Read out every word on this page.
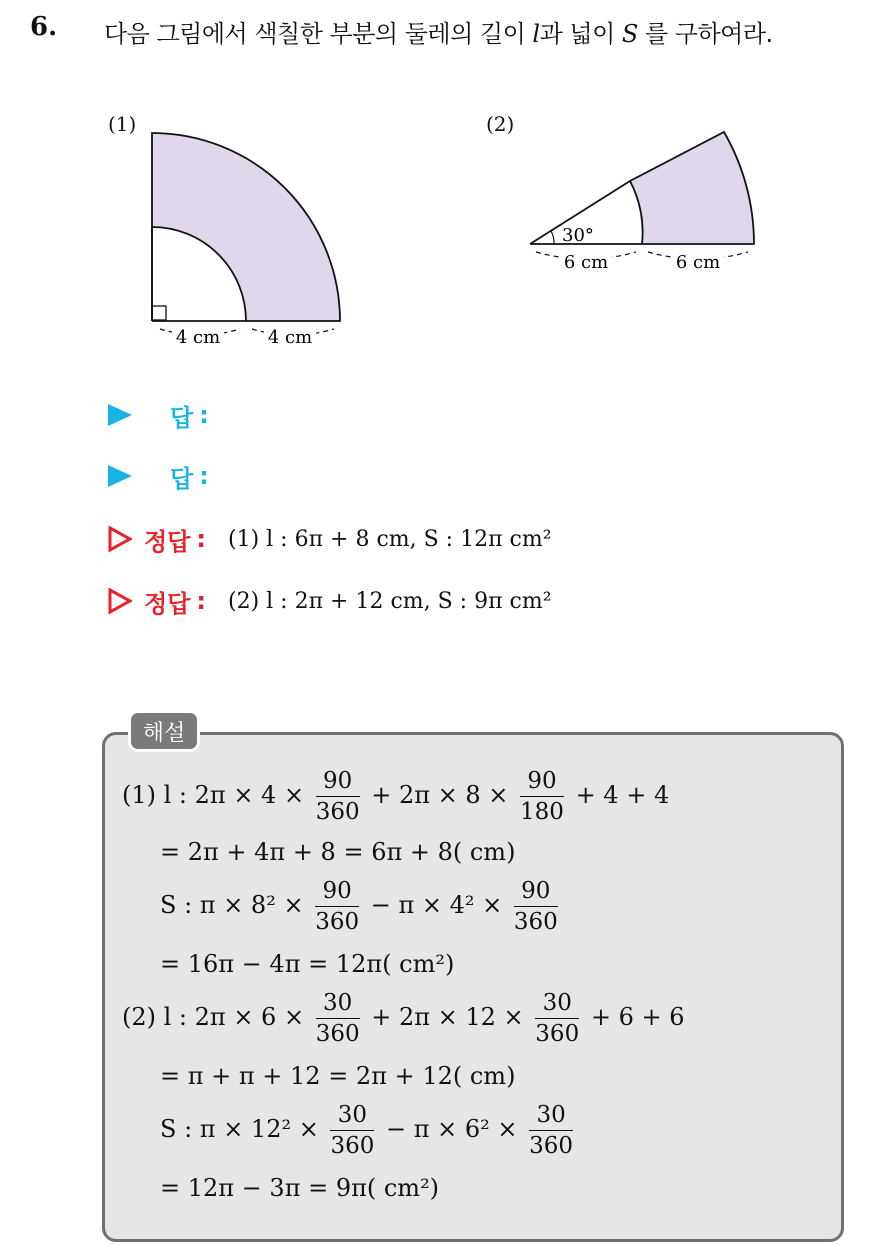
6. 다음 그림에서 색칠한 부분의 둘레의 길이 l과 넓이 S 를 구하여라.
(1)
4 cm	4 cm
(2)
30°
6 cm	6 cm
답 :
답 :
정답 : (1) l : 6π + 8 cm, S : 12π cm²
정답 : (2) l : 2π + 12 cm, S : 9π cm²
해설
(1) l : $2\pi \times 4 \times \frac{90}{360} + 2\pi \times 8 \times \frac{90}{180} + 4 + 4$
= 2π + 4π + 8 = 6π + 8( cm)
S : $\pi \times 8^2 \times \frac{90}{360} - \pi \times 4^2 \times \frac{90}{360}$
= 16π − 4π = 12π( cm²)
(2) l : $2\pi \times 6 \times \frac{30}{360} + 2\pi \times 12 \times \frac{30}{360} + 6 + 6$
= π + π + 12 = 2π + 12( cm)
S : $\pi \times 12^2 \times \frac{30}{360} - \pi \times 6^2 \times \frac{30}{360}$
= 12π − 3π = 9π( cm²)
